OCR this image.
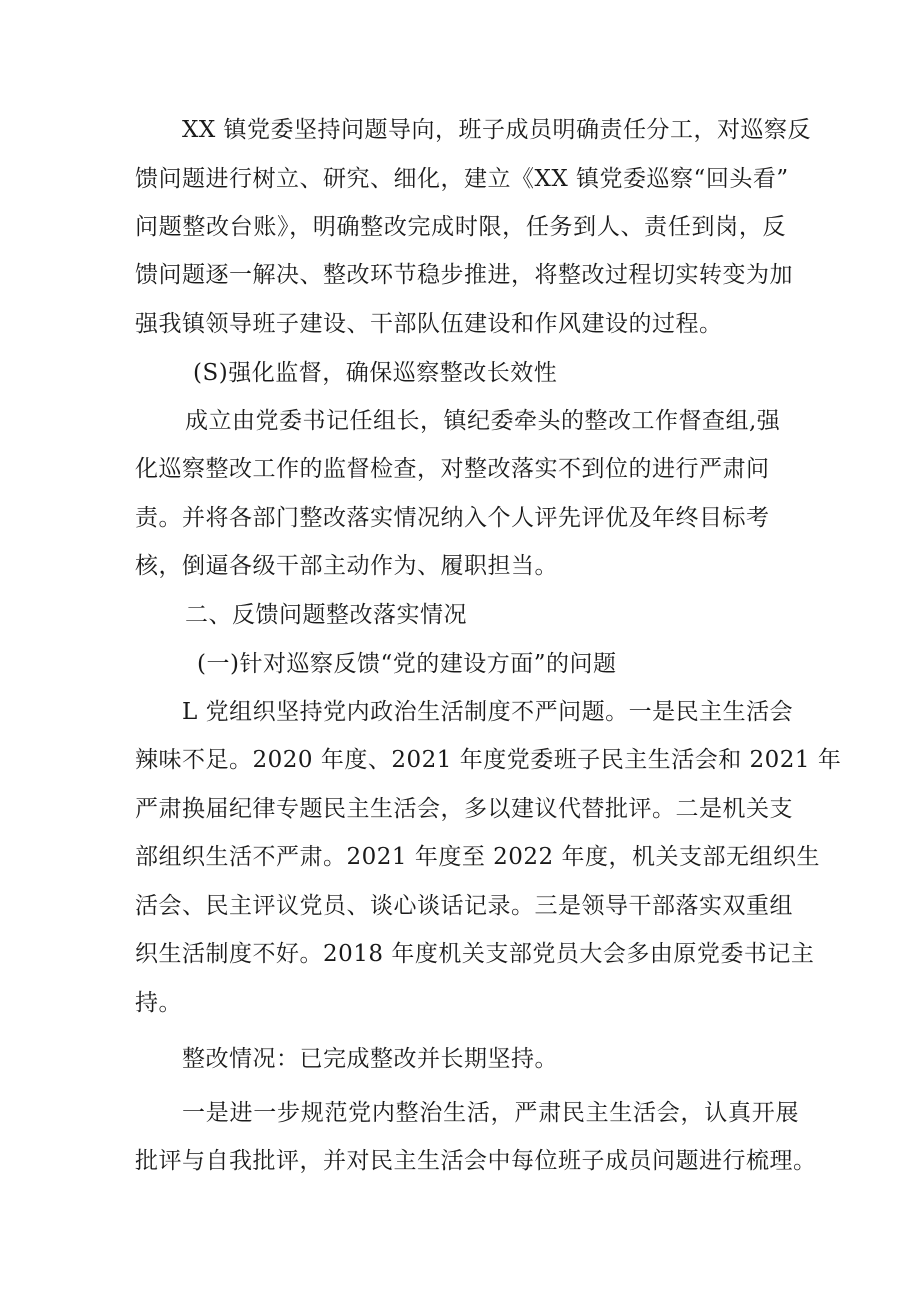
XX 镇党委坚持问题导向，班子成员明确责任分工，对巡察反
馈问题进行树立、研究、细化，建立《XX 镇党委巡察“回头看”
问题整改台账》，明确整改完成时限，任务到人、责任到岗，反
馈问题逐一解决、整改环节稳步推进，将整改过程切实转变为加
强我镇领导班子建设、干部队伍建设和作风建设的过程。
(S)强化监督，确保巡察整改长效性
成立由党委书记任组长，镇纪委牵头的整改工作督查组,强
化巡察整改工作的监督检查，对整改落实不到位的进行严肃问
责。并将各部门整改落实情况纳入个人评先评优及年终目标考
核，倒逼各级干部主动作为、履职担当。
二、反馈问题整改落实情况
(一)针对巡察反馈“党的建设方面”的问题
L 党组织坚持党内政治生活制度不严问题。一是民主生活会
辣味不足。2020 年度、2021 年度党委班子民主生活会和 2021 年
严肃换届纪律专题民主生活会，多以建议代替批评。二是机关支
部组织生活不严肃。2021 年度至 2022 年度，机关支部无组织生
活会、民主评议党员、谈心谈话记录。三是领导干部落实双重组
织生活制度不好。2018 年度机关支部党员大会多由原党委书记主
持。
整改情况：已完成整改并长期坚持。
一是进一步规范党内整治生活，严肃民主生活会，认真开展
批评与自我批评，并对民主生活会中每位班子成员问题进行梳理。
